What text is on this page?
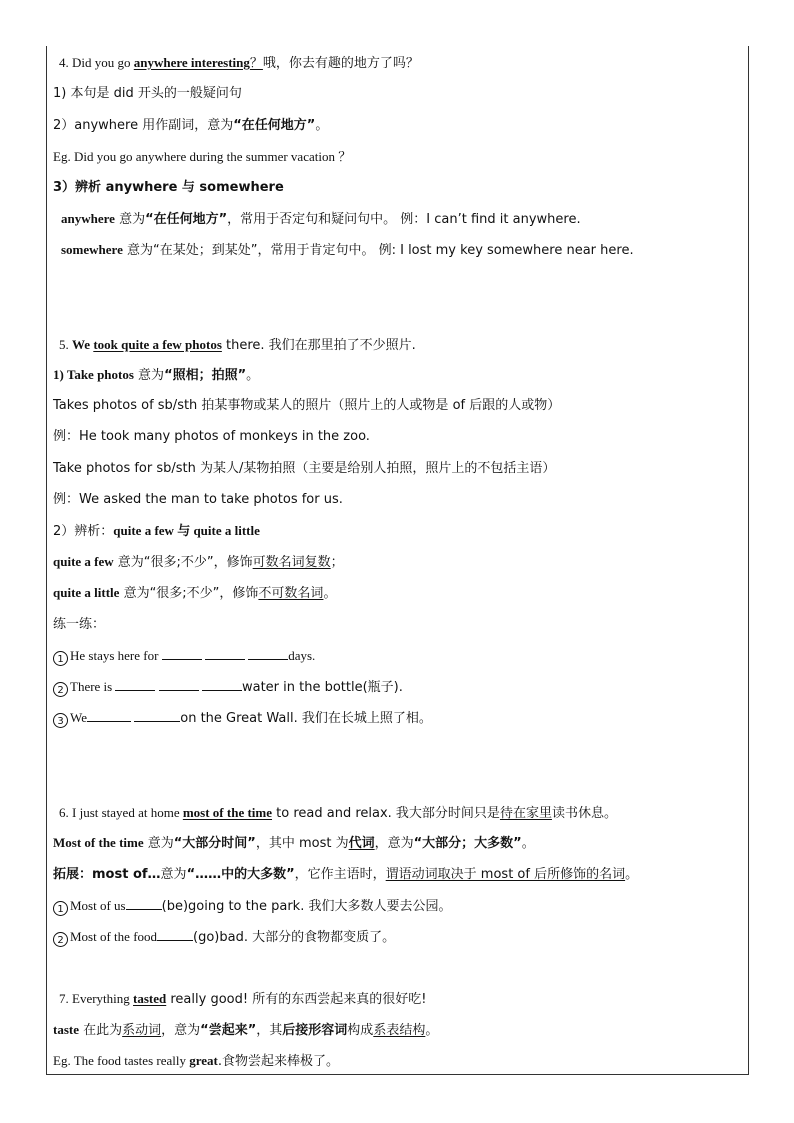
4. Did you go anywhere interesting？哦，你去有趣的地方了吗？
1) 本句是 did 开头的一般疑问句
2）anywhere 用作副词，意为“在任何地方”。
Eg. Did you go anywhere during the summer vacation ？
3）辨析 anywhere 与 somewhere
anywhere 意为“在任何地方”，常用于否定句和疑问句中。 例：I can’t find it anywhere.
somewhere 意为“在某处；到某处”，常用于肯定句中。 例: I lost my key somewhere near here.
5. We took quite a few photos there. 我们在那里拍了不少照片.
1) Take photos 意为“照相；拍照”。
Takes photos of sb/sth 拍某事物或某人的照片（照片上的人或物是 of 后跟的人或物）
例：He took many photos of monkeys in the zoo.
Take photos for sb/sth 为某人/某物拍照（主要是给别人拍照，照片上的不包括主语）
例：We asked the man to take photos for us.
2）辨析：quite a few 与 quite a little
quite a few 意为“很多;不少”，修饰可数名词复数；
quite a little 意为“很多;不少”，修饰不可数名词。
练一练：
1 He stays here for	days.
2 There is	water in the bottle(瓶子).
3 We	on the Great Wall. 我们在长城上照了相。
6. I just stayed at home most of the time to read and relax. 我大部分时间只是待在家里读书休息。
Most of the time 意为“大部分时间”，其中 most 为代词，意为“大部分；大多数”。
拓展：most of…意为“……中的大多数”，它作主语时，谓语动词取决于 most of 后所修饰的名词。
1 Most of us	(be)going to the park. 我们大多数人要去公园。
2 Most of the food	(go)bad. 大部分的食物都变质了。
7. Everything tasted really good! 所有的东西尝起来真的很好吃!
taste 在此为系动词，意为“尝起来”，其后接形容词构成系表结构。
Eg. The food tastes really great.食物尝起来棒极了。
